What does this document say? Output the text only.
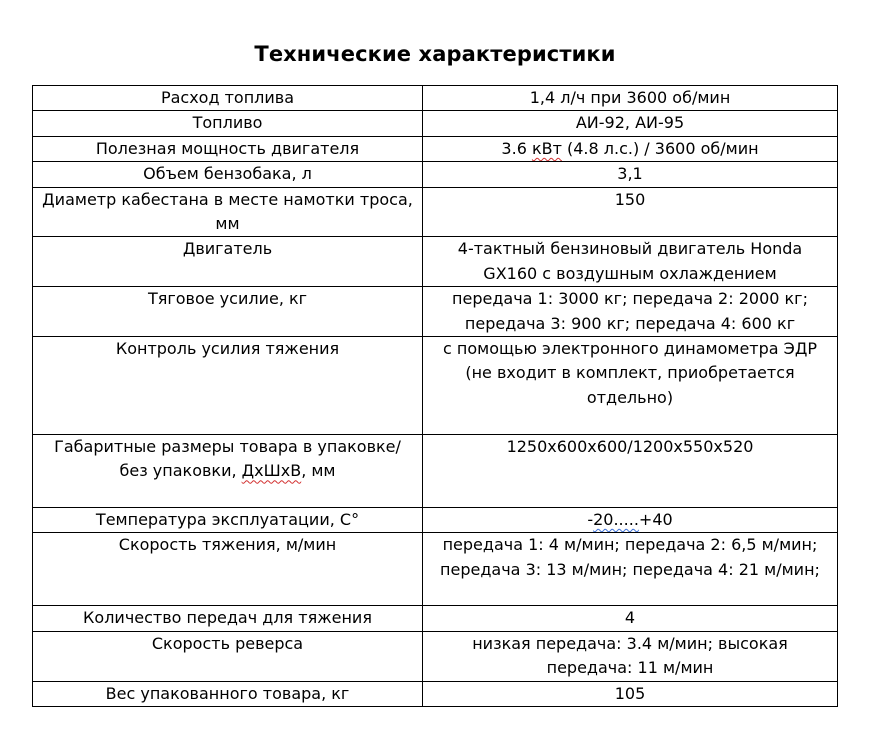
Технические характеристики
Расход топлива	1,4 л/ч при 3600 об/мин
Топливо	АИ-92, АИ-95
Полезная мощность двигателя	3.6 кВт (4.8 л.с.) / 3600 об/мин
Объем бензобака, л	3,1
Диаметр кабестана в месте намотки троса, мм	150
Двигатель	4-тактный бензиновый двигатель Honda GX160 с воздушным охлаждением
Тяговое усилие, кг	передача 1: 3000 кг; передача 2: 2000 кг; передача 3: 900 кг; передача 4: 600 кг
Контроль усилия тяжения	с помощью электронного динамометра ЭДР
(не входит в комплект, приобретается отдельно)
Габаритные размеры товара в упаковке/
без упаковки, ДхШхВ, мм	1250x600x600/1200x550x520
Температура эксплуатации, С°	-20.....+40
Скорость тяжения, м/мин	передача 1: 4 м/мин; передача 2: 6,5 м/мин; передача 3: 13 м/мин; передача 4: 21 м/мин;
Количество передач для тяжения	4
Скорость реверса	низкая передача: 3.4 м/мин; высокая передача: 11 м/мин
Вес упакованного товара, кг	105
